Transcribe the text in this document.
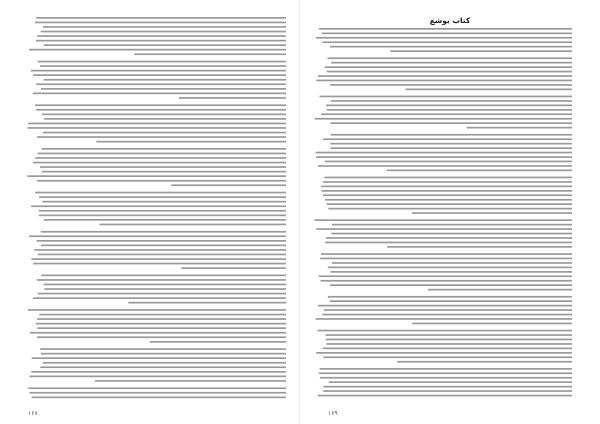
۱۶۸
کتاب یوشع
۱۶۹
